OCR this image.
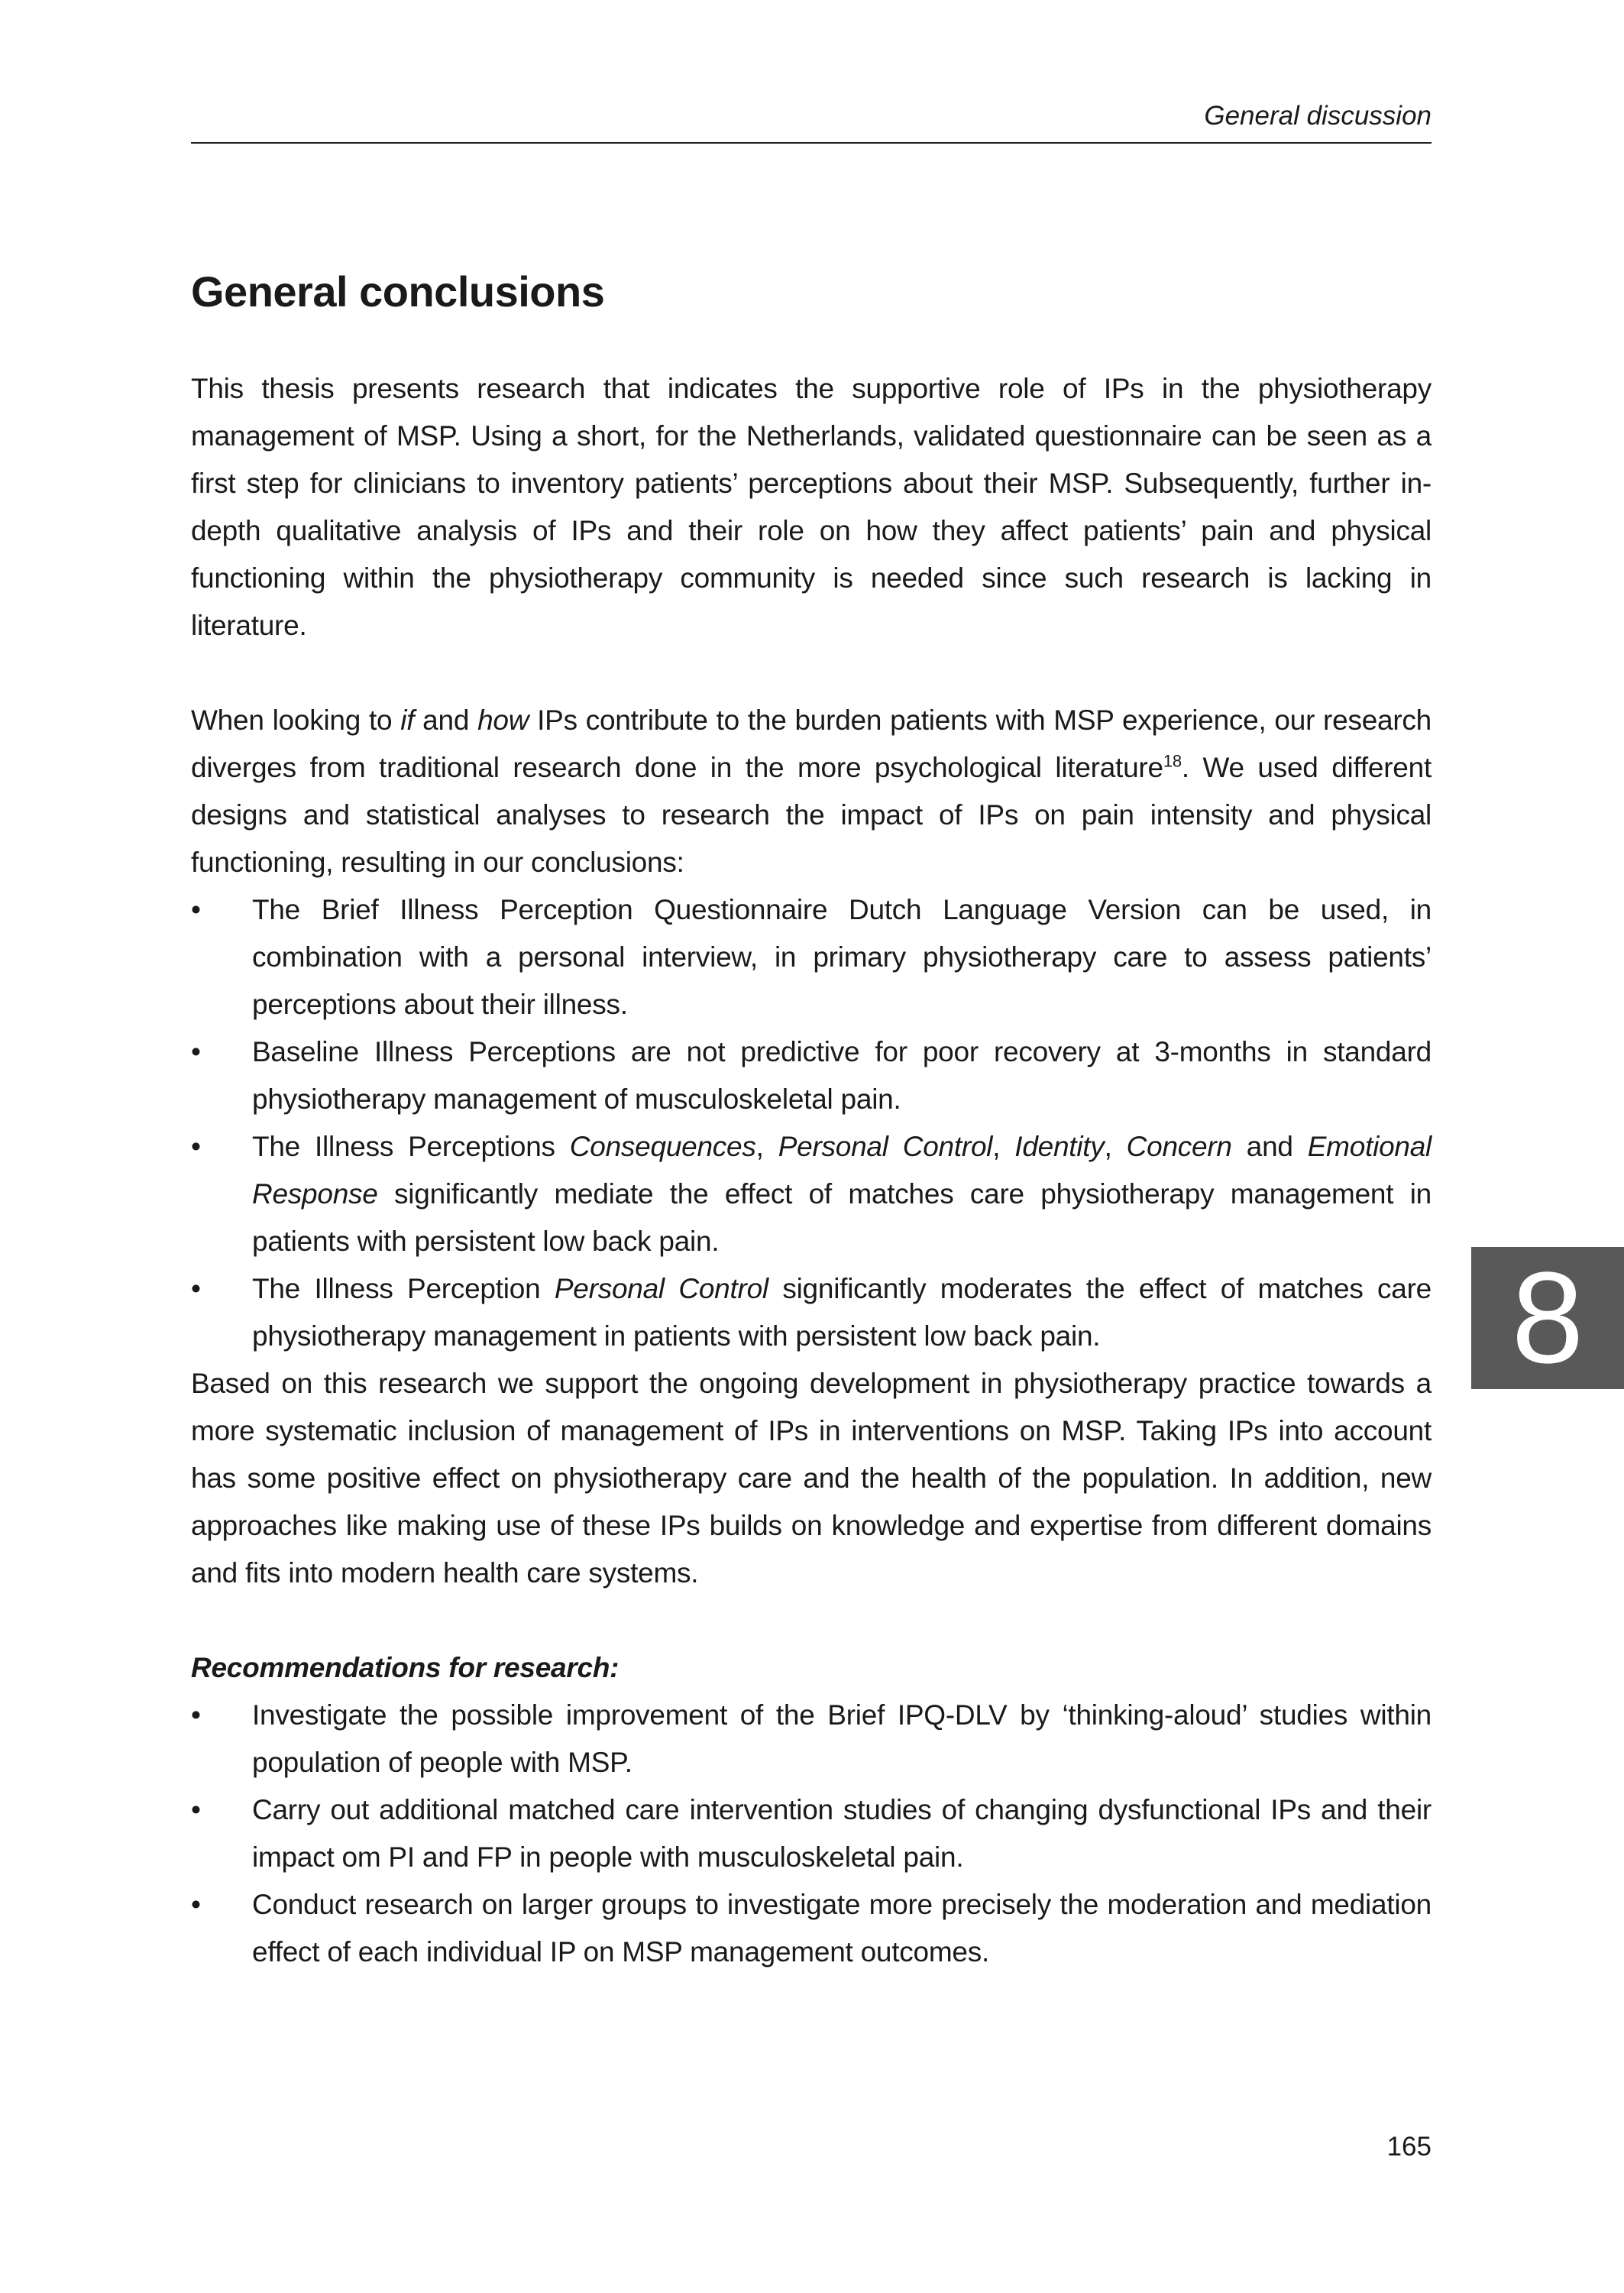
General discussion
General conclusions

This thesis presents research that indicates the supportive role of IPs in the physiotherapy management of MSP. Using a short, for the Netherlands, validated questionnaire can be seen as a first step for clinicians to inventory patients’ perceptions about their MSP. Subsequently, further in-depth qualitative analysis of IPs and their role on how they affect patients’ pain and physical functioning within the physiotherapy community is needed since such research is lacking in literature.

When looking to if and how IPs contribute to the burden patients with MSP experience, our research diverges from traditional research done in the more psychological literature$^{18}$. We used different designs and statistical analyses to research the impact of IPs on pain intensity and physical functioning, resulting in our conclusions:

• The Brief Illness Perception Questionnaire Dutch Language Version can be used, in combination with a personal interview, in primary physiotherapy care to assess patients’ perceptions about their illness.
• Baseline Illness Perceptions are not predictive for poor recovery at 3-months in standard physiotherapy management of musculoskeletal pain.
• The Illness Perceptions Consequences, Personal Control, Identity, Concern and Emotional Response significantly mediate the effect of matches care physiotherapy management in patients with persistent low back pain.
• The Illness Perception Personal Control significantly moderates the effect of matches care physiotherapy management in patients with persistent low back pain.

Based on this research we support the ongoing development in physiotherapy practice towards a more systematic inclusion of management of IPs in interventions on MSP. Taking IPs into account has some positive effect on physiotherapy care and the health of the population. In addition, new approaches like making use of these IPs builds on knowledge and expertise from different domains and fits into modern health care systems.

Recommendations for research:
• Investigate the possible improvement of the Brief IPQ-DLV by ‘thinking-aloud’ studies within population of people with MSP.
• Carry out additional matched care intervention studies of changing dysfunctional IPs and their impact om PI and FP in people with musculoskeletal pain.
• Conduct research on larger groups to investigate more precisely the moderation and mediation effect of each individual IP on MSP management outcomes.
8
165
